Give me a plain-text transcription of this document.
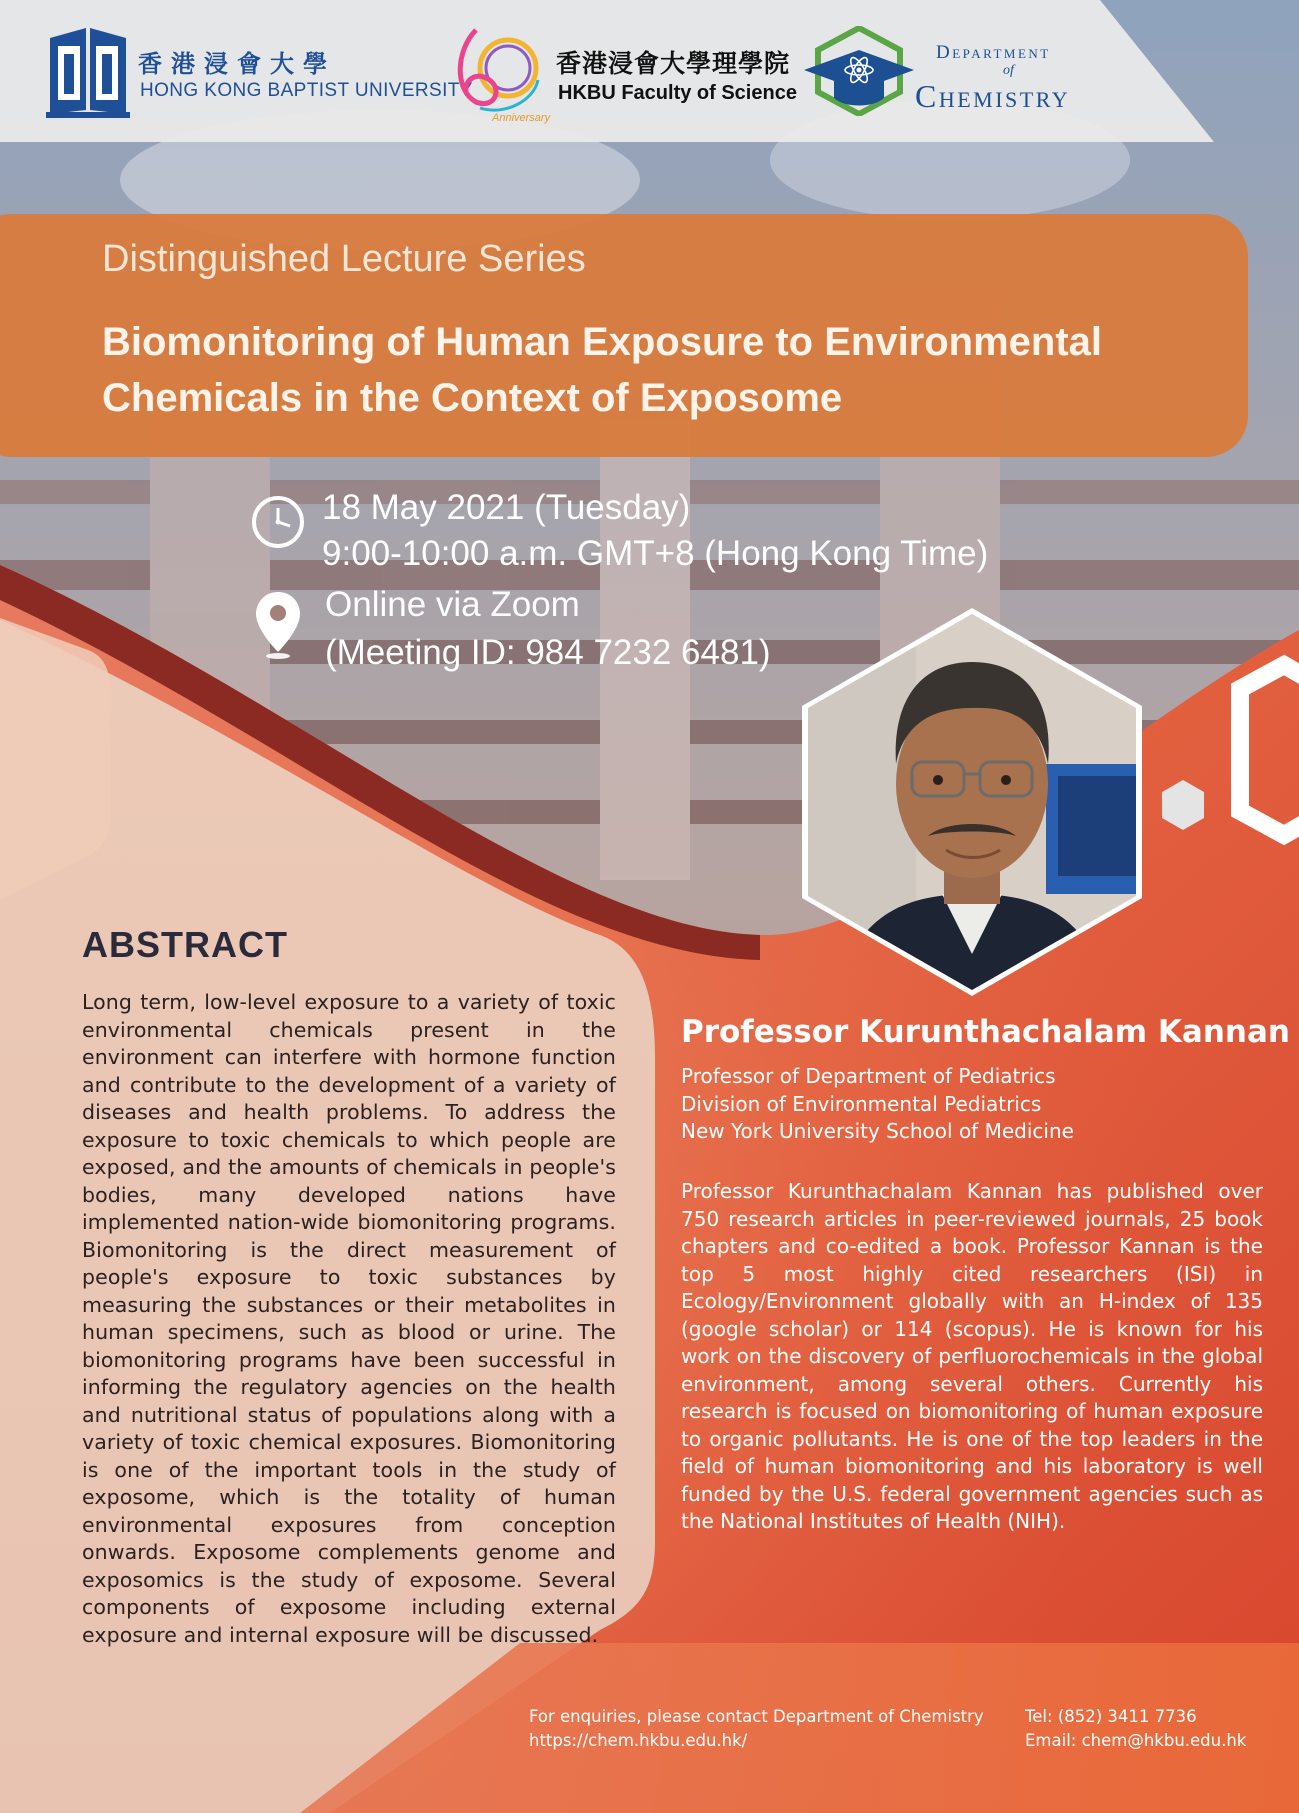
香港浸會大學
HONG KONG BAPTIST UNIVERSITY
Anniversary
香港浸會大學理學院
HKBU Faculty of Science
Department
of
Chemistry
Distinguished Lecture Series
Biomonitoring of Human Exposure to Environmental Chemicals in the Context of Exposome
18 May 2021 (Tuesday)
9:00-10:00 a.m. GMT+8 (Hong Kong Time)
Online via Zoom
(Meeting ID: 984 7232 6481)
ABSTRACT
Long term, low-level exposure to a variety of toxic environmental chemicals present in the environment can interfere with hormone function and contribute to the development of a variety of diseases and health problems. To address the exposure to toxic chemicals to which people are exposed, and the amounts of chemicals in people's bodies, many developed nations have implemented nation-wide biomonitoring programs. Biomonitoring is the direct measurement of people's exposure to toxic substances by measuring the substances or their metabolites in human specimens, such as blood or urine. The biomonitoring programs have been successful in informing the regulatory agencies on the health and nutritional status of populations along with a variety of toxic chemical exposures. Biomonitoring is one of the important tools in the study of exposome, which is the totality of human environmental exposures from conception onwards. Exposome complements genome and exposomics is the study of exposome. Several components of exposome including external exposure and internal exposure will be discussed.
Professor Kurunthachalam Kannan
Professor of Department of Pediatrics
Division of Environmental Pediatrics
New York University School of Medicine
Professor Kurunthachalam Kannan has published over 750 research articles in peer-reviewed journals, 25 book chapters and co-edited a book. Professor Kannan is the top 5 most highly cited researchers (ISI) in Ecology/Environment globally with an H-index of 135 (google scholar) or 114 (scopus). He is known for his work on the discovery of perfluorochemicals in the global environment, among several others. Currently his research is focused on biomonitoring of human exposure to organic pollutants. He is one of the top leaders in the field of human biomonitoring and his laboratory is well funded by the U.S. federal government agencies such as the National Institutes of Health (NIH).
For enquiries, please contact Department of Chemistry
https://chem.hkbu.edu.hk/
Tel: (852) 3411 7736
Email: chem@hkbu.edu.hk
